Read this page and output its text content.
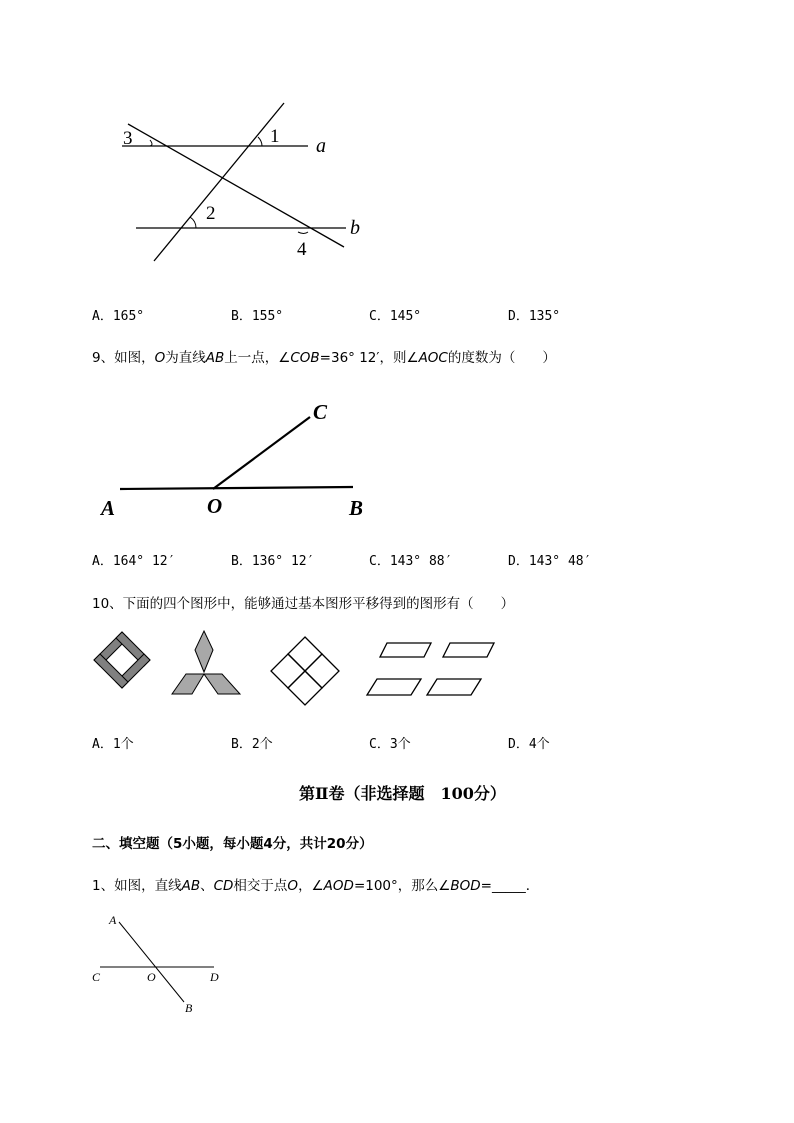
3	1 a
2
b
4
A．165°	B．155°	C．145°	D．135°
9、如图，O为直线AB上一点，∠COB=36° 12′，则∠AOC的度数为（　　）
A	O	B
C
A．164° 12′	B．136° 12′	C．143° 88′	D．143° 48′
10、下面的四个图形中，能够通过基本图形平移得到的图形有（　　）
A．1个	B．2个	C．3个	D．4个
第Ⅱ卷（非选择题　100分）
二、填空题（5小题，每小题4分，共计20分）
1、如图，直线AB、CD相交于点O，∠AOD=100°，那么∠BOD=_____．
A
C	O	D
B
